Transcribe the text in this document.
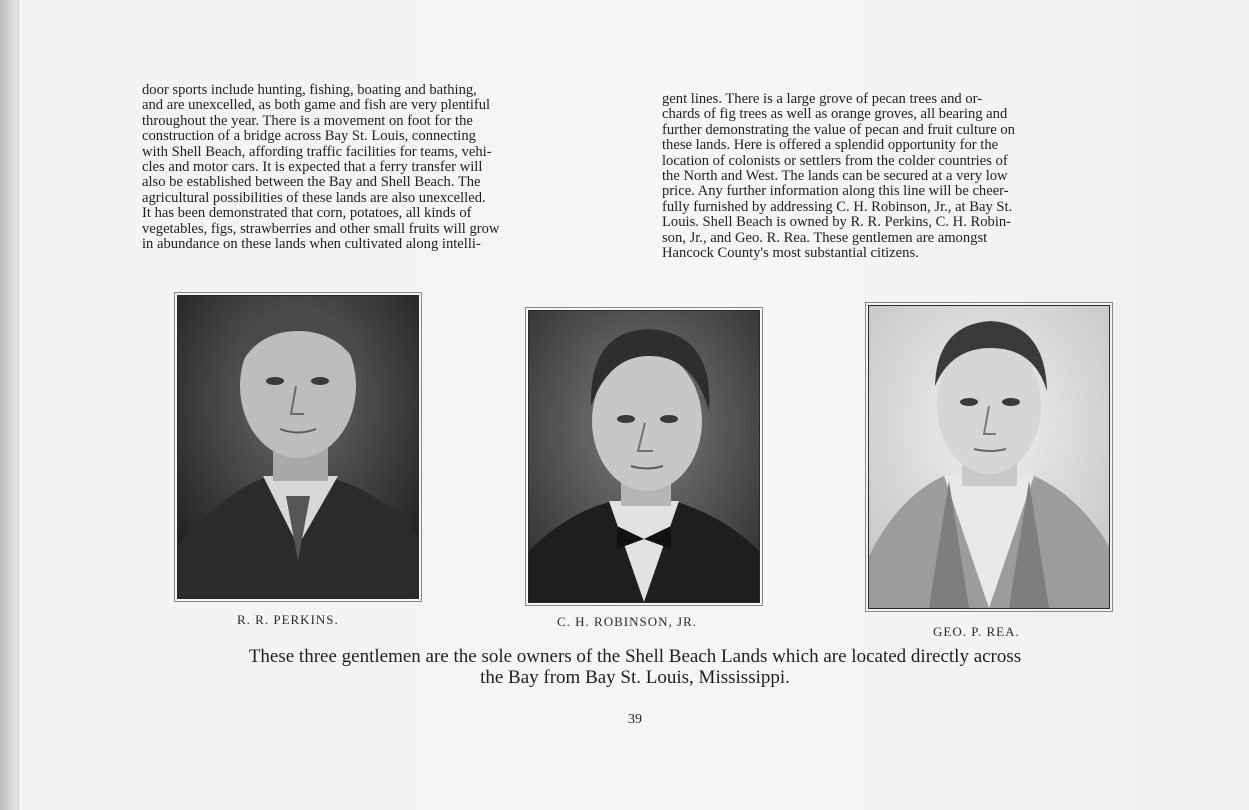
door sports include hunting, fishing, boating and bathing,
and are unexcelled, as both game and fish are very plentiful
throughout the year. There is a movement on foot for the
construction of a bridge across Bay St. Louis, connecting
with Shell Beach, affording traffic facilities for teams, vehi-
cles and motor cars. It is expected that a ferry transfer will
also be established between the Bay and Shell Beach. The
agricultural possibilities of these lands are also unexcelled.
It has been demonstrated that corn, potatoes, all kinds of
vegetables, figs, strawberries and other small fruits will grow
in abundance on these lands when cultivated along intelli-

gent lines. There is a large grove of pecan trees and or-
chards of fig trees as well as orange groves, all bearing and
further demonstrating the value of pecan and fruit culture on
these lands. Here is offered a splendid opportunity for the
location of colonists or settlers from the colder countries of
the North and West. The lands can be secured at a very low
price. Any further information along this line will be cheer-
fully furnished by addressing C. H. Robinson, Jr., at Bay St.
Louis. Shell Beach is owned by R. R. Perkins, C. H. Robin-
son, Jr., and Geo. R. Rea. These gentlemen are amongst
Hancock County's most substantial citizens.

R. R. PERKINS.	C. H. ROBINSON, JR.
GEO. P. REA.

These three gentlemen are the sole owners of the Shell Beach Lands which are located directly across
the Bay from Bay St. Louis, Mississippi.

39
